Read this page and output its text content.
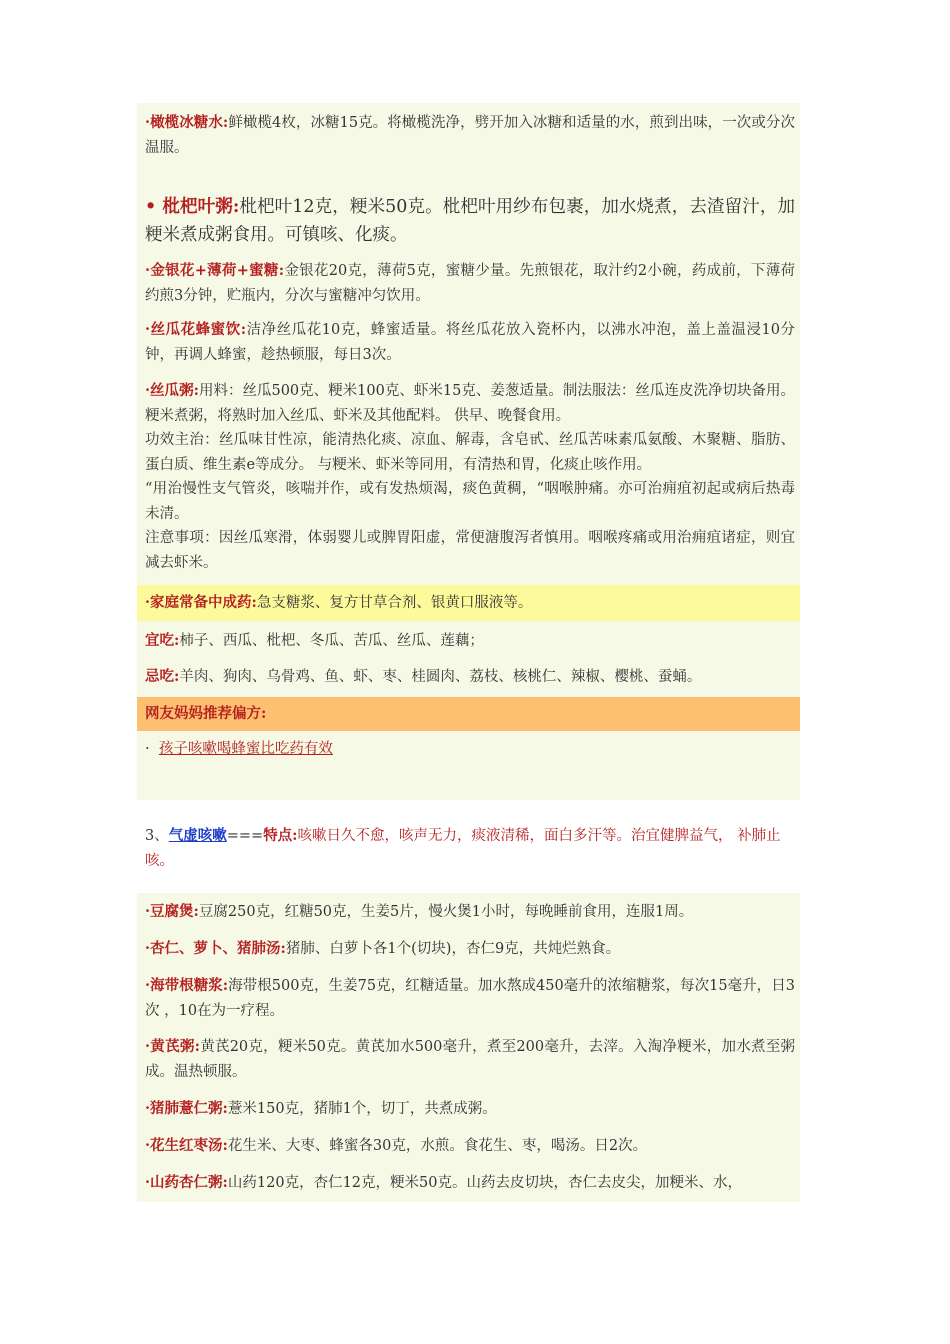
·橄榄冰糖水:鲜橄榄4枚，冰糖15克。将橄榄洗净，劈开加入冰糖和适量的水，煎到出味，一次或分次温服。
• 枇杷叶粥:枇杷叶12克，粳米50克。枇杷叶用纱布包裹，加水烧煮，去渣留汁，加粳米煮成粥食用。可镇咳、化痰。
·金银花+薄荷+蜜糖:金银花20克，薄荷5克，蜜糖少量。先煎银花，取汁约2小碗，药成前，下薄荷约煎3分钟，贮瓶内，分次与蜜糖冲匀饮用。
·丝瓜花蜂蜜饮:洁净丝瓜花10克，蜂蜜适量。将丝瓜花放入瓷杯内，以沸水冲泡，盖上盖温浸10分钟，再调人蜂蜜，趁热顿服，每日3次。
·丝瓜粥:用料：丝瓜500克、粳米100克、虾米15克、姜葱适量。制法服法：丝瓜连皮洗净切块备用。粳米煮粥，将熟时加入丝瓜、虾米及其他配料。 供早、晚餐食用。
功效主治：丝瓜味甘性凉，能清热化痰、凉血、解毒，含皂甙、丝瓜苦味素瓜氨酸、木聚糖、脂肪、蛋白质、维生素e等成分。 与粳米、虾米等同用，有清热和胃，化痰止咳作用。
“用治慢性支气管炎，咳喘并作，或有发热烦渴，痰色黄稠，“咽喉肿痛。亦可治痈疽初起或病后热毒未清。
注意事项：因丝瓜寒滑，体弱婴儿或脾胃阳虚，常便溏腹泻者慎用。咽喉疼痛或用治痈疽诸症，则宜减去虾米。
·家庭常备中成药:急支糖浆、复方甘草合剂、银黄口服液等。
宜吃:柿子、西瓜、枇杷、冬瓜、苦瓜、丝瓜、莲藕；
忌吃:羊肉、狗肉、乌骨鸡、鱼、虾、枣、桂圆肉、荔枝、核桃仁、辣椒、樱桃、蚕蛹。
网友妈妈推荐偏方:
· 孩子咳嗽喝蜂蜜比吃药有效
3、气虚咳嗽===特点:咳嗽日久不愈，咳声无力，痰液清稀，面白多汗等。治宜健脾益气， 补肺止咳。
·豆腐煲:豆腐250克，红糖50克，生姜5片，慢火煲1小时，每晚睡前食用，连服1周。
·杏仁、萝卜、猪肺汤:猪肺、白萝卜各1个(切块)，杏仁9克，共炖烂熟食。
·海带根糖浆:海带根500克，生姜75克，红糖适量。加水熬成450毫升的浓缩糖浆，每次15毫升，日3次 ，10在为一疗程。
·黄芪粥:黄芪20克，粳米50克。黄芪加水500毫升，煮至200毫升，去滓。入淘净粳米，加水煮至粥成。温热顿服。
·猪肺薏仁粥:薏米150克，猪肺1个，切丁，共煮成粥。
·花生红枣汤:花生米、大枣、蜂蜜各30克，水煎。食花生、枣，喝汤。日2次。
·山药杏仁粥:山药120克，杏仁12克，粳米50克。山药去皮切块，杏仁去皮尖，加粳米、水，
